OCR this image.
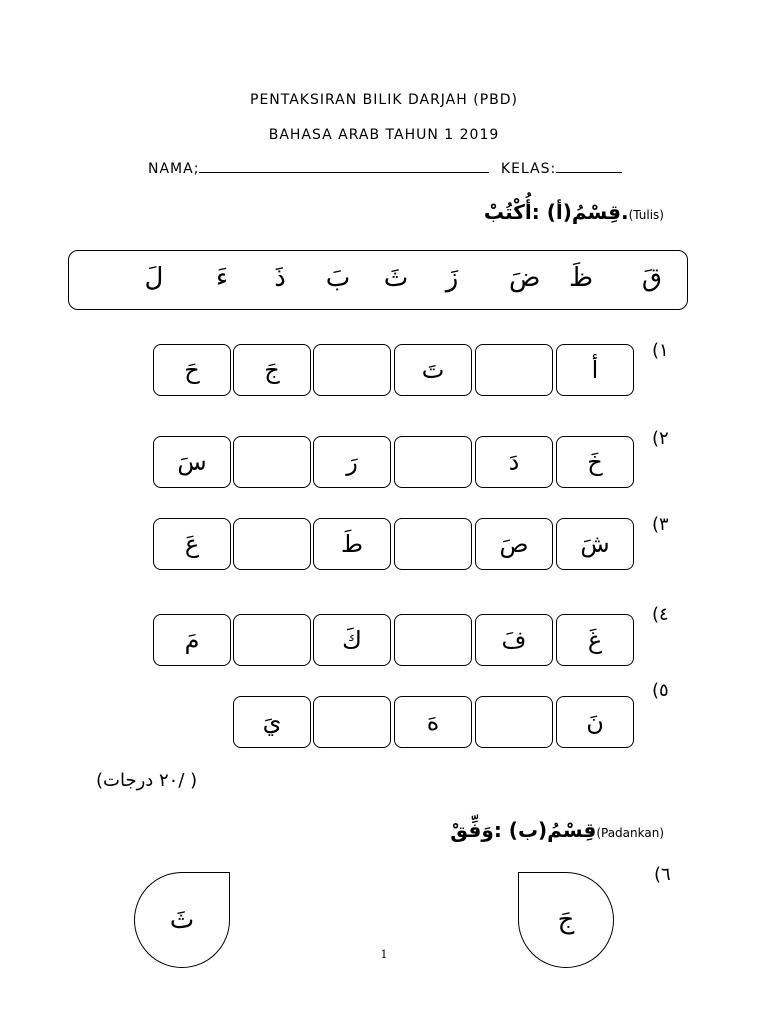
PENTAKSIRAN BILIK DARJAH (PBD)
BAHASA ARAB TAHUN 1 2019
NAMA;	KELAS:
قِسْمُ(أ) :أُكْتُبْ.(Tulis)
قَ
ظَ
ضَ
زَ
ثَ
بَ
ذَ
ءَ
لَ
(١
أ
تَ
جَ
حَ
(٢
خَ
دَ
رَ
سَ
(٣
شَ
صَ
طَ
عَ
(٤
غَ
فَ
كَ
مَ
(٥
نَ
هَ
يَ
( /٢٠ درجات)
قِسْمُ(ب) :وَفِّقْ(Padankan)
(٦
ثَ	جَ
1
